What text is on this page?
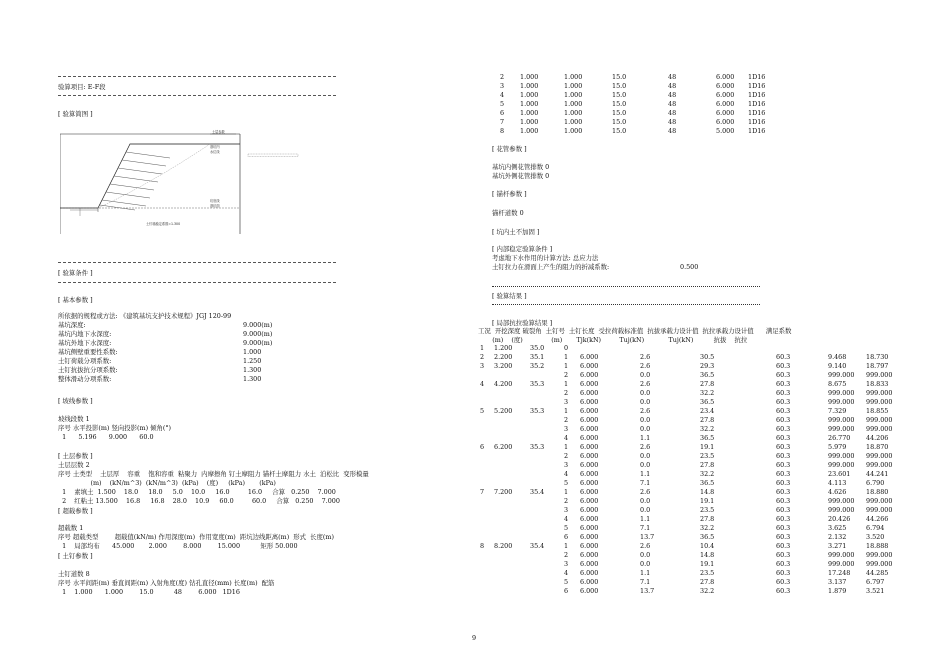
验算项目: E-F段
[ 验算简图 ]
土层参数
基坑内
水位线
坑底线
基坑面
土钉墙稳定系数=1.300
[ 验算条件 ]
[ 基本参数 ]
所依据的规程或方法: 《建筑基坑支护技术规程》JGJ 120-99
基坑深度:	9.000(m)
基坑内地下水深度:	9.000(m)
基坑外地下水深度:	9.000(m)
基坑侧壁重要性系数:	1.000
土钉荷载分项系数:	1.250
土钉抗拔抗分项系数:	1.300
整体滑动分项系数:	1.300
[ 坡线参数 ]
坡线段数 1
序号 水平投影(m) 竖向投影(m) 倾角(°)
1      5.196      9.000      60.0
[ 土层参数 ]
土层层数 2
序号 土类型    土层厚    容重    饱和容重  粘聚力  内摩擦角 钉土摩阻力 锚杆土摩阻力 水土  泊松比  变形模量
(m)    (kN/m^3)  (kN/m^3)  (kPa)    (度)     (kPa)       (kPa)
1    素填土  1.500    18.0     18.0     5.0    10.0     16.0         16.0     合算   0.250    7.000
2    红粘土 13.500    16.8     16.8    28.0    10.9     60.0         60.0     合算   0.250    7.000
[ 超载参数 ]
超载数 1
序号 超载类型        超载值(kN/m) 作用深度(m)  作用宽度(m)  距坑边线距离(m)  形式  长度(m)
1    局部均布      45.000       2.000        8.000        15.000          矩形 50.000
[ 土钉参数 ]
土钉道数 8
序号 水平间距(m) 垂直间距(m) 入射角度(度) 钻孔直径(mm) 长度(m)  配筋
1    1.000      1.000        15.0          48        6.000   1D16
2 1.000	1.000	15.0	48	6.000 1D16
3 1.000	1.000	15.0	48	6.000 1D16
4 1.000	1.000	15.0	48	6.000 1D16
5 1.000	1.000	15.0	48	6.000 1D16
6 1.000	1.000	15.0	48	6.000 1D16
7 1.000	1.000	15.0	48	6.000 1D16
8 1.000	1.000	15.0	48	5.000 1D16
[ 花管参数 ]
基坑内侧花管排数 0
基坑外侧花管排数 0
[ 锚杆参数 ]
锚杆道数 0
[ 坑内土不加固 ]
[ 内部稳定验算条件 ]
考虑地下水作用的计算方法: 总应力法
土钉拉力在滑面上产生的阻力的折减系数:	0.500
[ 验算结果 ]
[ 局部抗拉验算结果 ]
工况  开挖深度 破裂角  土钉号  土钉长度  受拉荷载标准值  抗拔承载力设计值  抗拉承载力设计值      满足系数
(m)    (度)              (m)       Tjk(kN)         Tuj(kN)            Tuj(kN)          抗拔    抗拉
1 1.200	35.0	0
2 2.200	35.1	1 6.000	2.6	30.5	60.3	9.468	18.730
3 3.200	35.2	1 6.000	2.6	29.3	60.3	9.140	18.797
2 6.000	0.0	36.5	60.3	999.000 999.000
4 4.200	35.3	1 6.000	2.6	27.8	60.3	8.675	18.833
2 6.000	0.0	32.2	60.3	999.000 999.000
3 6.000	0.0	36.5	60.3	999.000 999.000
5 5.200	35.3	1 6.000	2.6	23.4	60.3	7.329	18.855
2 6.000	0.0	27.8	60.3	999.000 999.000
3 6.000	0.0	32.2	60.3	999.000 999.000
4 6.000	1.1	36.5	60.3	26.770 44.206
6 6.200	35.3	1 6.000	2.6	19.1	60.3	5.979	18.870
2 6.000	0.0	23.5	60.3	999.000 999.000
3 6.000	0.0	27.8	60.3	999.000 999.000
4 6.000	1.1	32.2	60.3	23.601 44.241
5 6.000	7.1	36.5	60.3	4.113	6.790
7 7.200	35.4	1 6.000	2.6	14.8	60.3	4.626	18.880
2 6.000	0.0	19.1	60.3	999.000 999.000
3 6.000	0.0	23.5	60.3	999.000 999.000
4 6.000	1.1	27.8	60.3	20.426 44.266
5 6.000	7.1	32.2	60.3	3.625	6.794
6 6.000	13.7	36.5	60.3	2.132	3.520
8 8.200	35.4	1 6.000	2.6	10.4	60.3	3.271	18.888
2 6.000	0.0	14.8	60.3	999.000 999.000
3 6.000	0.0	19.1	60.3	999.000 999.000
4 6.000	1.1	23.5	60.3	17.248 44.285
5 6.000	7.1	27.8	60.3	3.137	6.797
6 6.000	13.7	32.2	60.3	1.879	3.521
9
